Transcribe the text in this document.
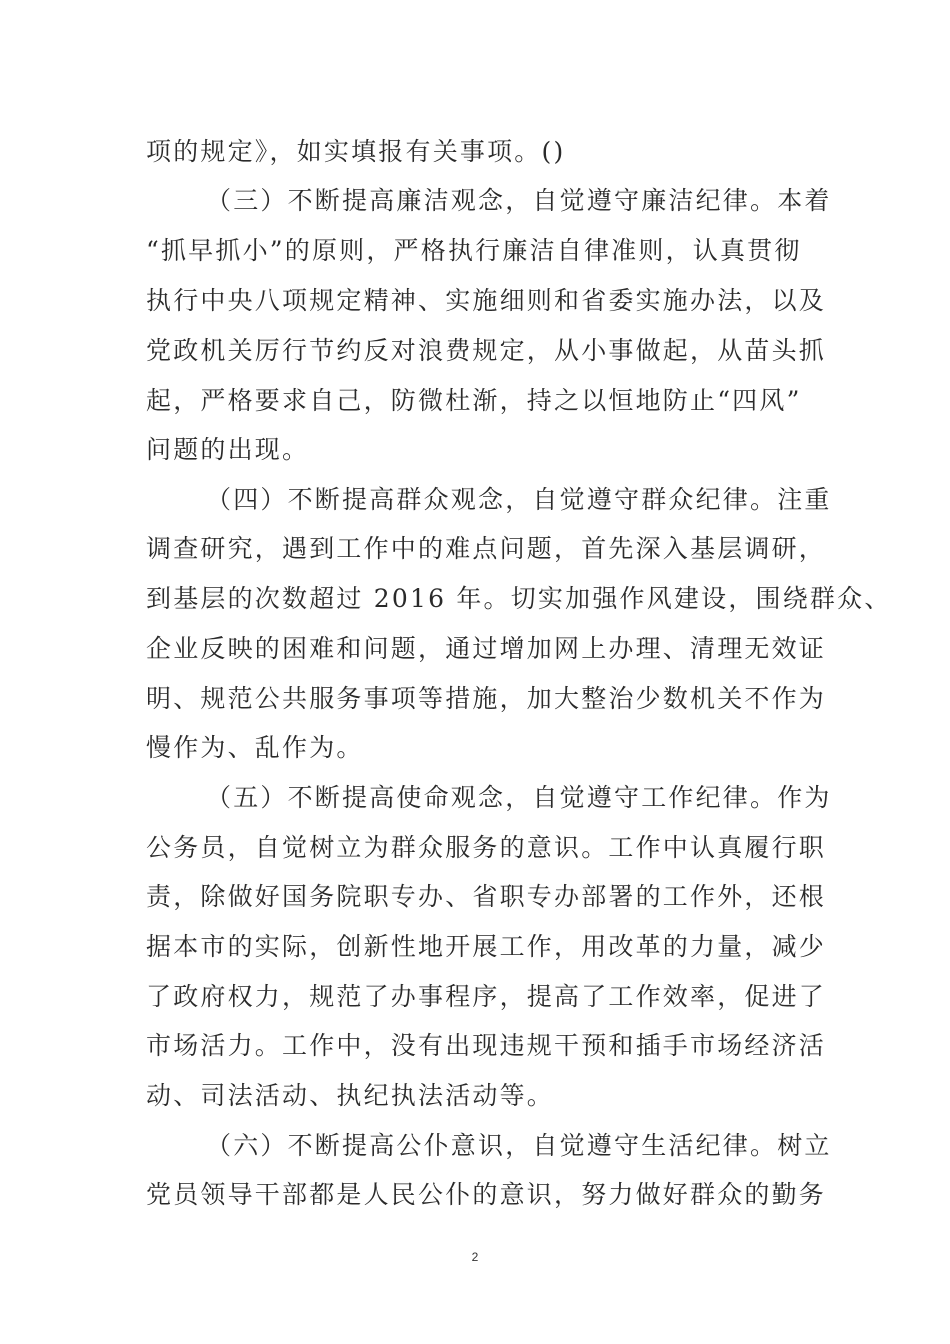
项的规定》，如实填报有关事项。()
（三）不断提高廉洁观念，自觉遵守廉洁纪律。本着
“抓早抓小”的原则，严格执行廉洁自律准则，认真贯彻
执行中央八项规定精神、实施细则和省委实施办法，以及
党政机关厉行节约反对浪费规定，从小事做起，从苗头抓
起，严格要求自己，防微杜渐，持之以恒地防止“四风”
问题的出现。
（四）不断提高群众观念，自觉遵守群众纪律。注重
调查研究，遇到工作中的难点问题，首先深入基层调研，
到基层的次数超过 2016 年。切实加强作风建设，围绕群众、
企业反映的困难和问题，通过增加网上办理、清理无效证
明、规范公共服务事项等措施，加大整治少数机关不作为
慢作为、乱作为。
（五）不断提高使命观念，自觉遵守工作纪律。作为
公务员，自觉树立为群众服务的意识。工作中认真履行职
责，除做好国务院职专办、省职专办部署的工作外，还根
据本市的实际，创新性地开展工作，用改革的力量，减少
了政府权力，规范了办事程序，提高了工作效率，促进了
市场活力。工作中，没有出现违规干预和插手市场经济活
动、司法活动、执纪执法活动等。
（六）不断提高公仆意识，自觉遵守生活纪律。树立
党员领导干部都是人民公仆的意识，努力做好群众的勤务
2
